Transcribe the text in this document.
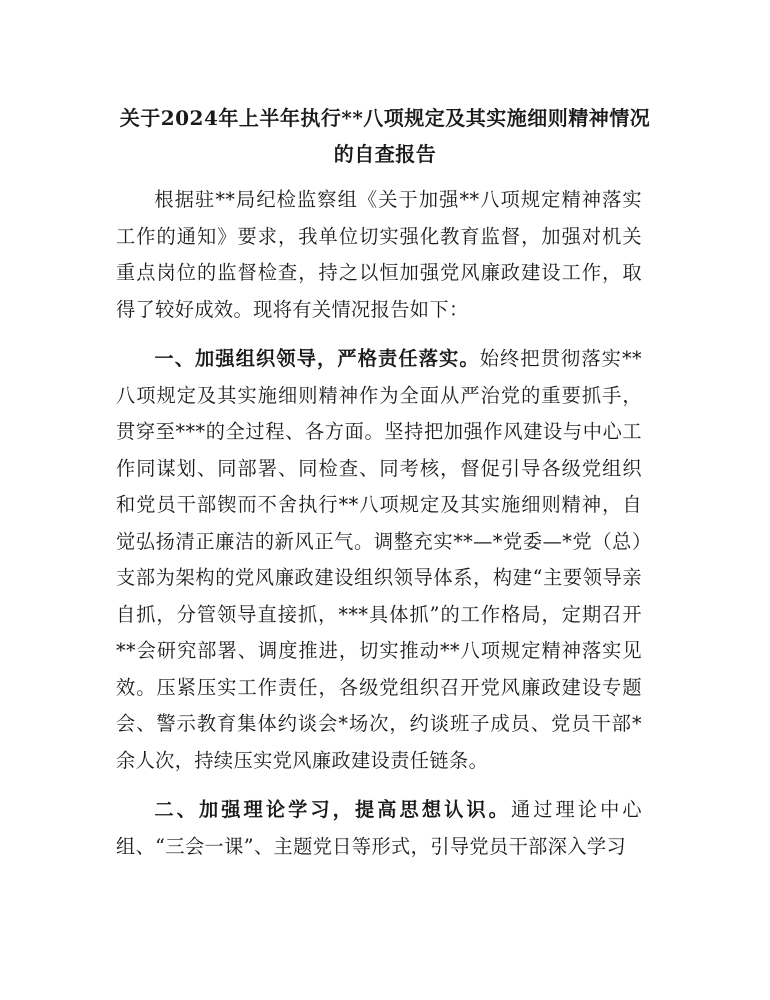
关于2024年上半年执行**八项规定及其实施细则精神情况
的自查报告

根据驻**局纪检监察组《关于加强**八项规定精神落实工作的通知》要求，我单位切实强化教育监督，加强对机关重点岗位的监督检查，持之以恒加强党风廉政建设工作，取得了较好成效。现将有关情况报告如下：

一、加强组织领导，严格责任落实。始终把贯彻落实**八项规定及其实施细则精神作为全面从严治党的重要抓手，贯穿至***的全过程、各方面。坚持把加强作风建设与中心工作同谋划、同部署、同检查、同考核，督促引导各级党组织和党员干部锲而不舍执行**八项规定及其实施细则精神，自觉弘扬清正廉洁的新风正气。调整充实**—*党委—*党（总）支部为架构的党风廉政建设组织领导体系，构建“主要领导亲自抓，分管领导直接抓，***具体抓”的工作格局，定期召开**会研究部署、调度推进，切实推动**八项规定精神落实见效。压紧压实工作责任，各级党组织召开党风廉政建设专题会、警示教育集体约谈会*场次，约谈班子成员、党员干部*余人次，持续压实党风廉政建设责任链条。

二、加强理论学习，提高思想认识。通过理论中心组、“三会一课”、主题党日等形式，引导党员干部深入学习
